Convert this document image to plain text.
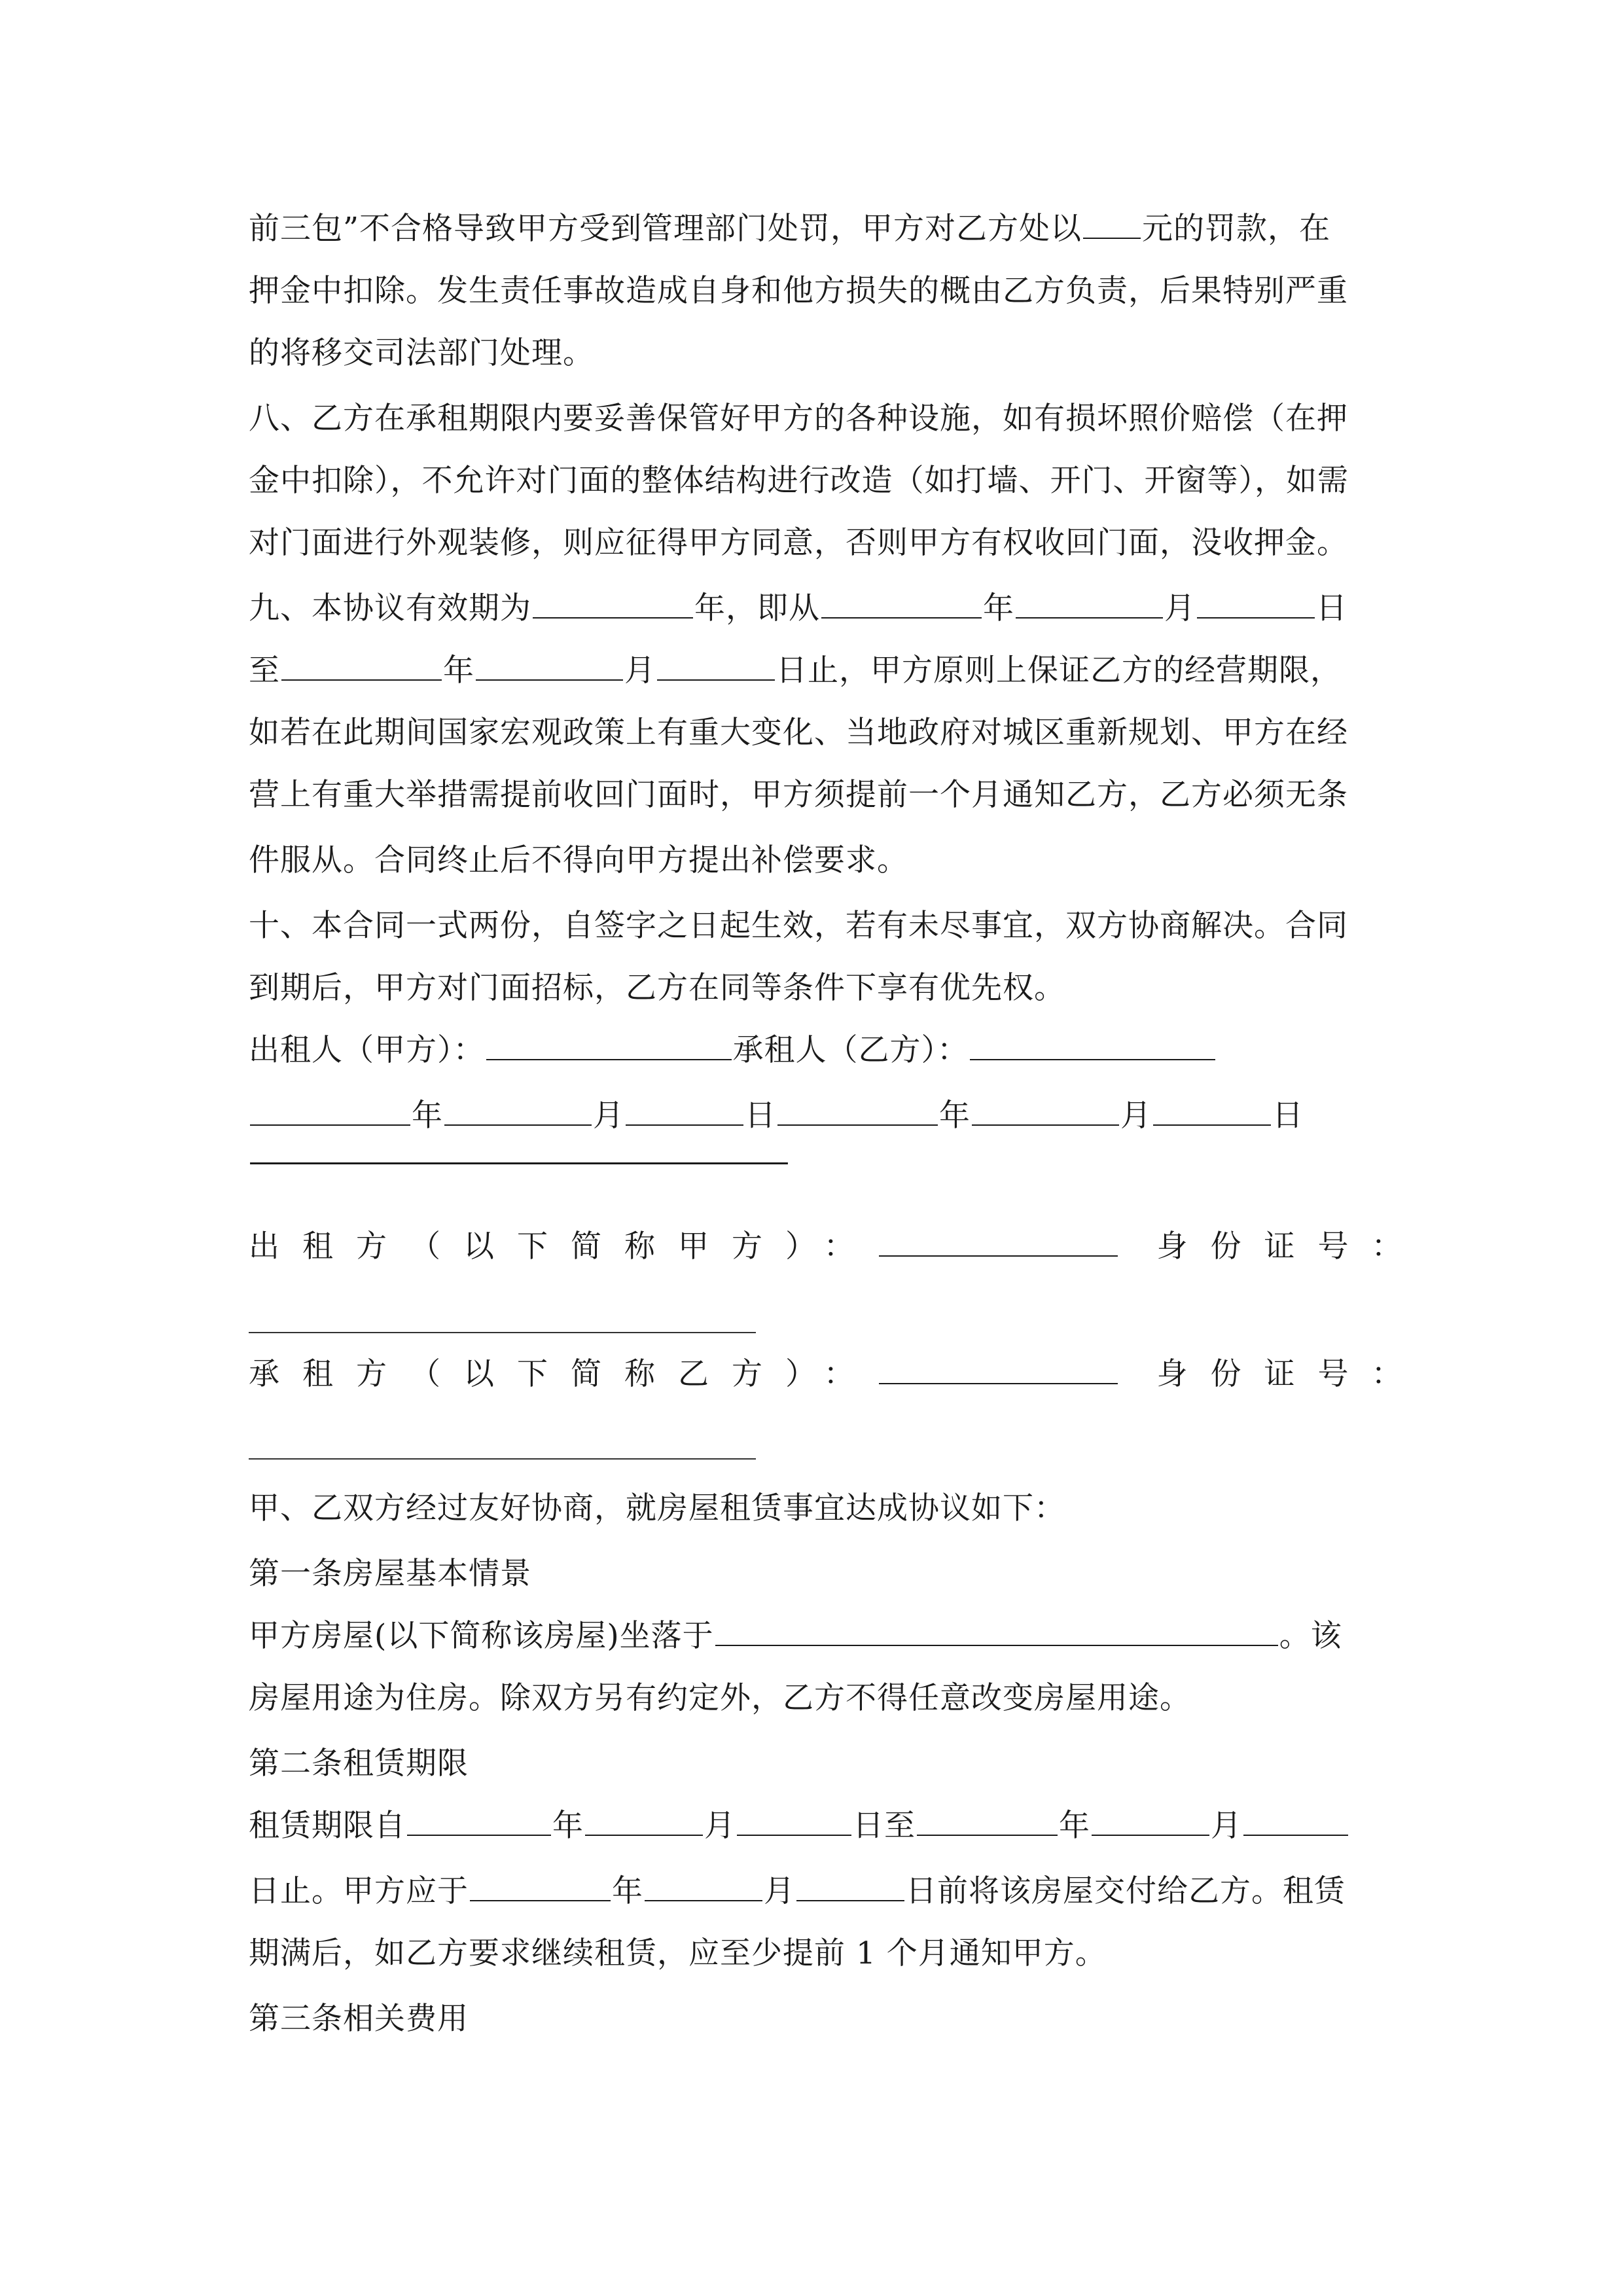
前三包”不合格导致甲方受到管理部门处罚，甲方对乙方处以 元的罚款，在
押金中扣除。发生责任事故造成自身和他方损失的概由乙方负责，后果特别严重
的将移交司法部门处理。
八、乙方在承租期限内要妥善保管好甲方的各种设施，如有损坏照价赔偿（在押
金中扣除），不允许对门面的整体结构进行改造（如打墙、开门、开窗等），如需
对门面进行外观装修，则应征得甲方同意，否则甲方有权收回门面，没收押金。
九、本协议有效期为	年，即从	年	月	日
至	年	月	日止，甲方原则上保证乙方的经营期限，
如若在此期间国家宏观政策上有重大变化、当地政府对城区重新规划、甲方在经
营上有重大举措需提前收回门面时，甲方须提前一个月通知乙方，乙方必须无条
件服从。合同终止后不得向甲方提出补偿要求。
十、本合同一式两份，自签字之日起生效，若有未尽事宜，双方协商解决。合同
到期后，甲方对门面招标，乙方在同等条件下享有优先权。
出租人（甲方）：	承租人（乙方）：
年	月	日	年	月	日
————————————————————
出租方（以下简称甲方）：	身份证号：
承租方（以下简称乙方）：	身份证号：
甲、乙双方经过友好协商，就房屋租赁事宜达成协议如下：
第一条房屋基本情景
甲方房屋(以下简称该房屋)坐落于	。该
房屋用途为住房。除双方另有约定外，乙方不得任意改变房屋用途。
第二条租赁期限
租赁期限自	年	月	日至	年	月
日止。甲方应于	年	月	日前将该房屋交付给乙方。租赁
期满后，如乙方要求继续租赁，应至少提前 1 个月通知甲方。
第三条相关费用
